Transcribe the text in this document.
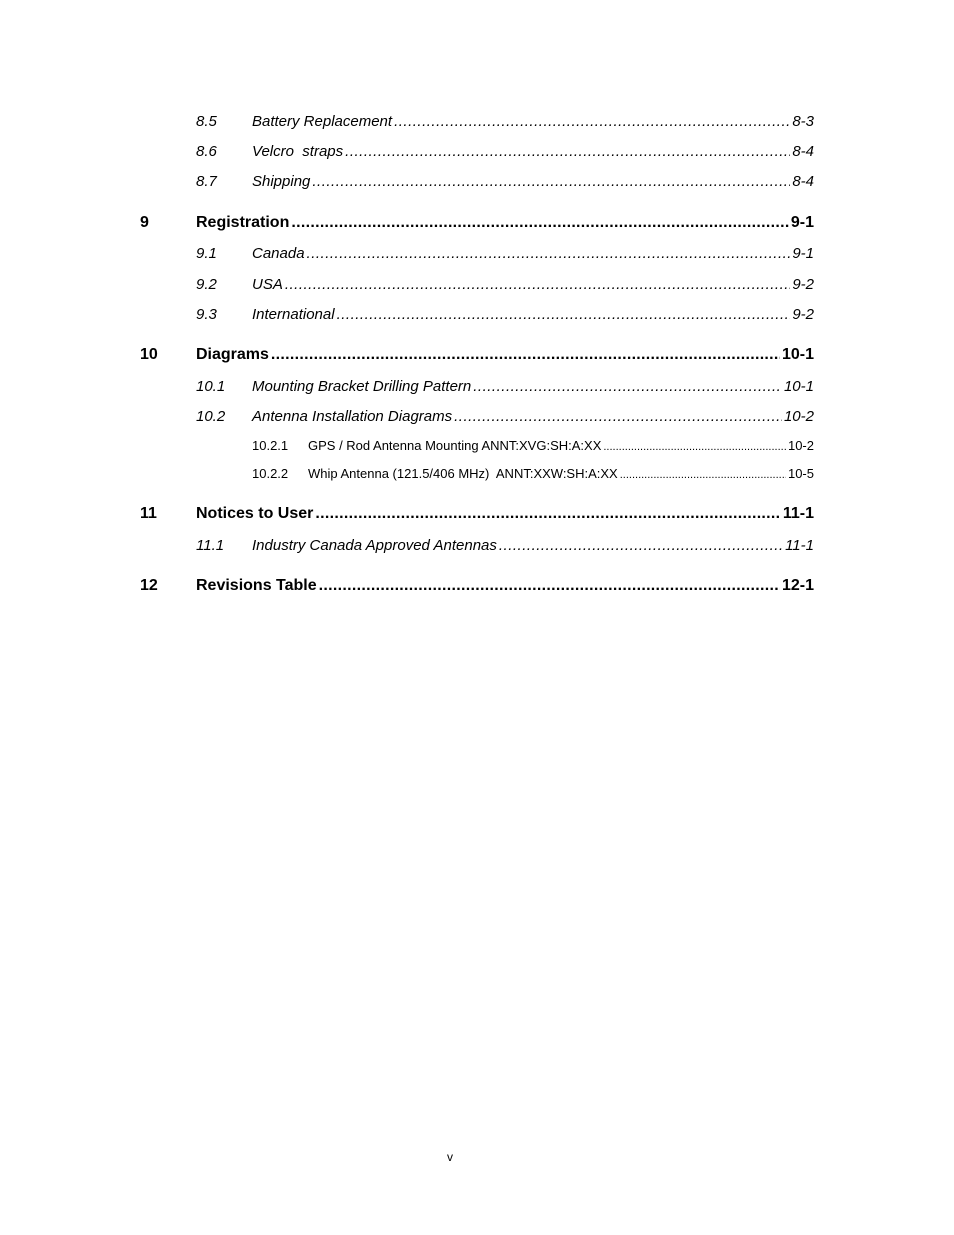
8.5	Battery Replacement .....	8-3
8.6	Velcro  straps .....	8-4
8.7	Shipping .....	8-4
9	Registration .....	9-1
9.1	Canada .....	9-1
9.2	USA .....	9-2
9.3	International .....	9-2
10	Diagrams .....	10-1
10.1	Mounting Bracket Drilling Pattern .....	10-1
10.2	Antenna Installation Diagrams .....	10-2
10.2.1	GPS / Rod Antenna Mounting ANNT:XVG:SH:A:XX .....	10-2
10.2.2	Whip Antenna (121.5/406 MHz)  ANNT:XXW:SH:A:XX .....	10-5
11	Notices to User .....	11-1
11.1	Industry Canada Approved Antennas .....	11-1
12	Revisions Table .....	12-1
v
